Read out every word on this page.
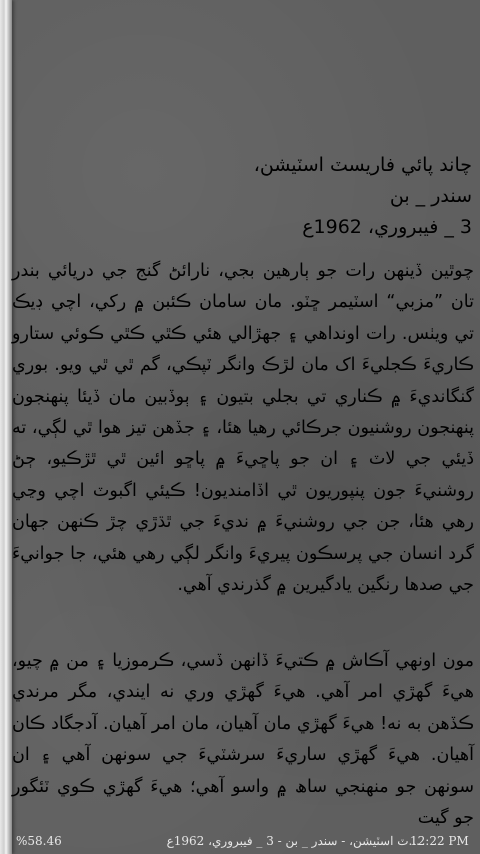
چاند پائي فاريسٽ اسٽيشن،
سندر _ بن
3 _ فيبروري، 1962ع
چوٿين ڏينھن رات جو ٻارھين بجي، نارائڻ گنج جي دريائي بندر تان ”مزبي“ اسٽيمر ڇٽو. مان سامان ڪئبن ۾ رکي، اچي ڊيڪ تي ويٺس. رات اونداھي ۽ جھڙالي ھئي ڪٿي ڪٿي ڪوئي ستارو ڪاريءَ ڪجليءَ اک مان لڙڪ وانگر ٽپڪي، گم ٿي ٿي ويو. بوري گنگانديءَ ۾ ڪناري تي بجلي بتيون ۽ ٻوڏبين مان ڏيئا پنھنجون پنھنجون روشنيون جرڪائي رهيا ھئا، ۽ جڏھن تيز ھوا ٿي لڳي، ته ڏيئي جي لاٽ ۽ ان جو پاڇيءَ ۾ پاڇو ائين ٿي ٿڙڪيو، ڄڻ روشنيءَ جون پنپوريون ٿي اڏامنديون! ڪيئي اگبوٽ اچي وڃي رهي ھئا، جن جي روشنيءَ ۾ نديءَ جي ٿڌڙي چڙ ڪنھن جھان گرد انسان جي پرسڪون پيريءَ وانگر لڳي رهي ھئي، جا جوانيءَ جي صدھا رنگين يادگيرين ۾ گذرندي آھي.
مون اونھي آڪاش ۾ ڪتيءَ ڏانھن ڏسي، ڪرموزيا ۽ من ۾ چيو، ھيءَ گھڙي امر آھي. ھيءَ گھڙي وري نه ايندي، مگر مرندي ڪڏھن به نه! ھيءَ گھڙي مان آھيان، مان امر آھيان. آدجگاد ڪان آھيان. ھيءَ گھڙي ساريءَ سرشٽيءَ جي سونھن آھي ۽ ان سونھن جو منھنجي ساھ ۾ واسو آھي؛ ھيءَ گھڙي ڪوي ٽئگور جو گيت
%58.46	...ٽ اسٽيشن، - سندر _ بن - 3 _ فيبروري، 1962ع
12:22 PM
